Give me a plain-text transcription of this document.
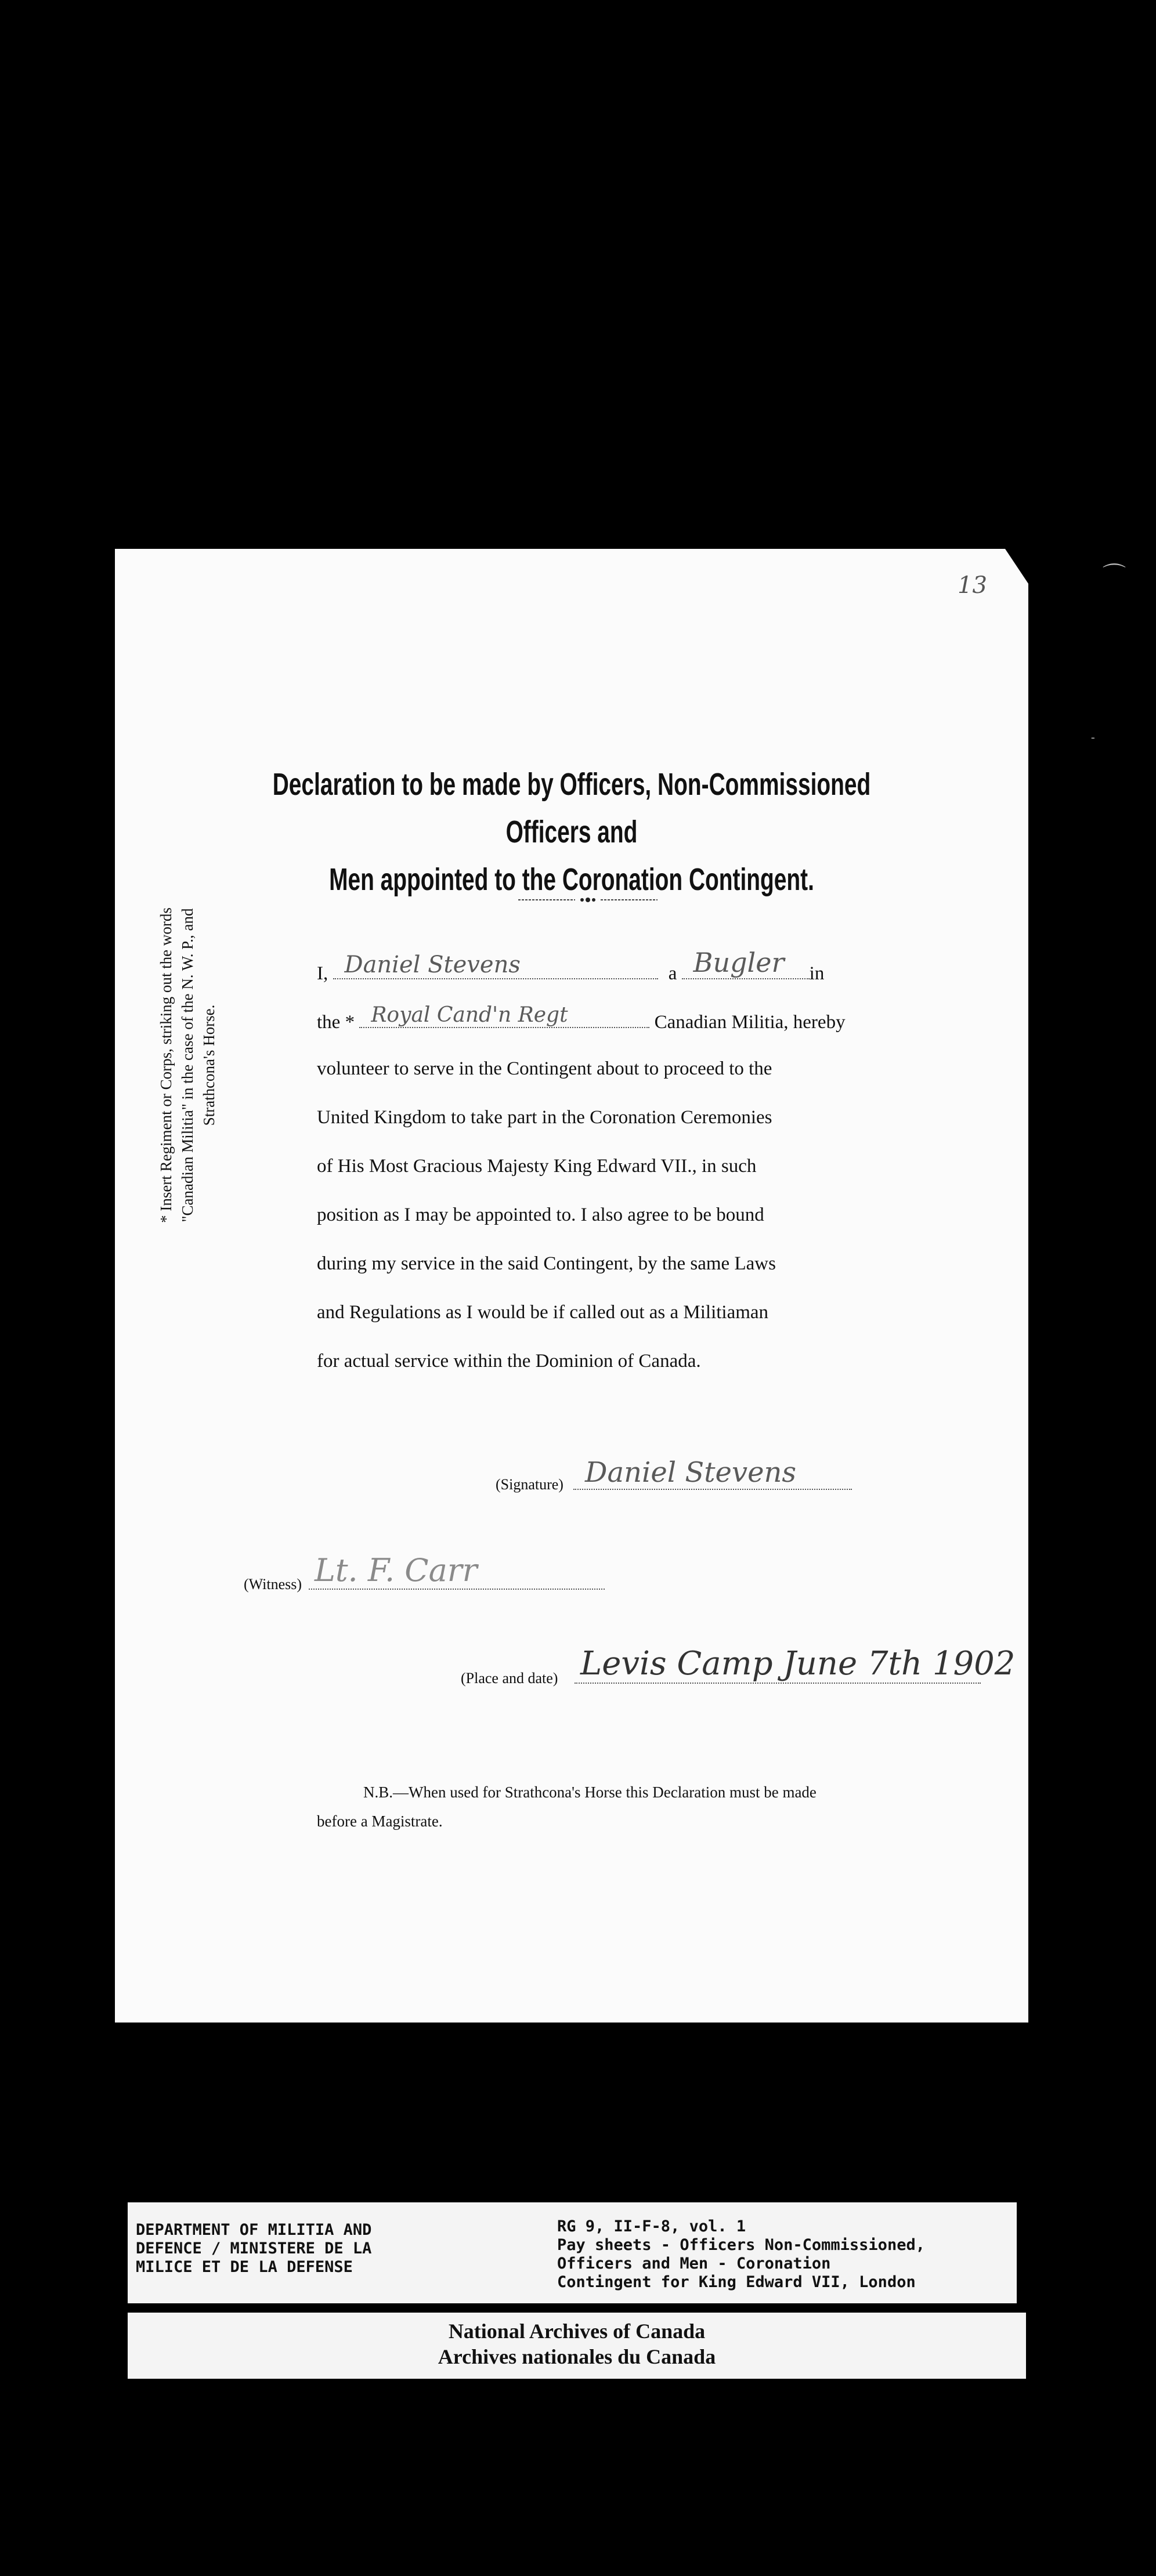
⌒
-
13
Declaration to be made by Officers, Non-Commissioned Officers and
Men appointed to the Coronation Contingent.
* Insert Regiment or Corps, striking out the words "Canadian Militia" in the case of the N. W. P., and Strathcona's Horse.
I, Daniel Stevens	a Bugler in
the * Royal Cand'n Regt	Canadian Militia, hereby
volunteer to serve in the Contingent about to proceed to the
United Kingdom to take part in the Coronation Ceremonies
of His Most Gracious Majesty King Edward VII., in such
position as I may be appointed to. I also agree to be bound
during my service in the said Contingent, by the same Laws
and Regulations as I would be if called out as a Militiaman
for actual service within the Dominion of Canada.
(Signature) Daniel Stevens
(Witness) Lt. F. Carr
(Place and date) Levis Camp June 7th 1902
N.B.—When used for Strathcona's Horse this Declaration must be made
before a Magistrate.
DEPARTMENT OF MILITIA AND
DEFENCE / MINISTERE DE LA
MILICE ET DE LA DEFENSE
RG 9, II-F-8, vol. 1
Pay sheets - Officers Non-Commissioned,
Officers and Men - Coronation
Contingent for King Edward VII, London
National Archives of Canada
Archives nationales du Canada
